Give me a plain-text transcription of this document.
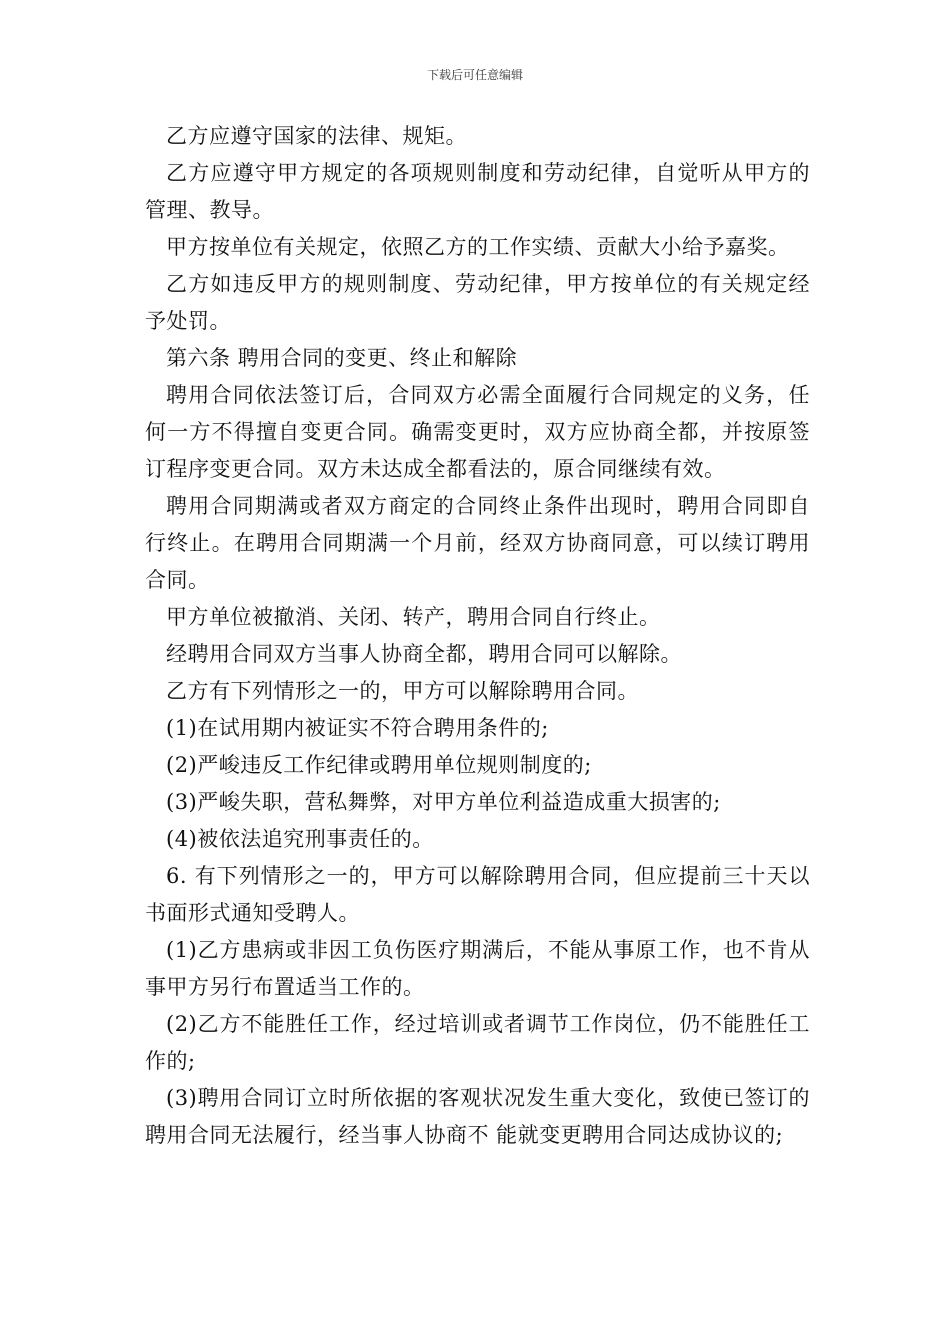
下载后可任意编辑

乙方应遵守国家的法律、规矩。

乙方应遵守甲方规定的各项规则制度和劳动纪律，自觉听从甲方的管理、教导。

甲方按单位有关规定，依照乙方的工作实绩、贡献大小给予嘉奖。

乙方如违反甲方的规则制度、劳动纪律，甲方按单位的有关规定经予处罚。

第六条 聘用合同的变更、终止和解除

聘用合同依法签订后，合同双方必需全面履行合同规定的义务，任何一方不得擅自变更合同。确需变更时，双方应协商全都，并按原签订程序变更合同。双方未达成全都看法的，原合同继续有效。

聘用合同期满或者双方商定的合同终止条件出现时，聘用合同即自行终止。在聘用合同期满一个月前，经双方协商同意，可以续订聘用合同。

甲方单位被撤消、关闭、转产，聘用合同自行终止。

经聘用合同双方当事人协商全都，聘用合同可以解除。

乙方有下列情形之一的，甲方可以解除聘用合同。

(1)在试用期内被证实不符合聘用条件的;

(2)严峻违反工作纪律或聘用单位规则制度的;

(3)严峻失职，营私舞弊，对甲方单位利益造成重大损害的;

(4)被依法追究刑事责任的。

6. 有下列情形之一的，甲方可以解除聘用合同，但应提前三十天以书面形式通知受聘人。

(1)乙方患病或非因工负伤医疗期满后，不能从事原工作，也不肯从事甲方另行布置适当工作的。

(2)乙方不能胜任工作，经过培训或者调节工作岗位，仍不能胜任工作的;

(3)聘用合同订立时所依据的客观状况发生重大变化，致使已签订的聘用合同无法履行，经当事人协商不 能就变更聘用合同达成协议的;
